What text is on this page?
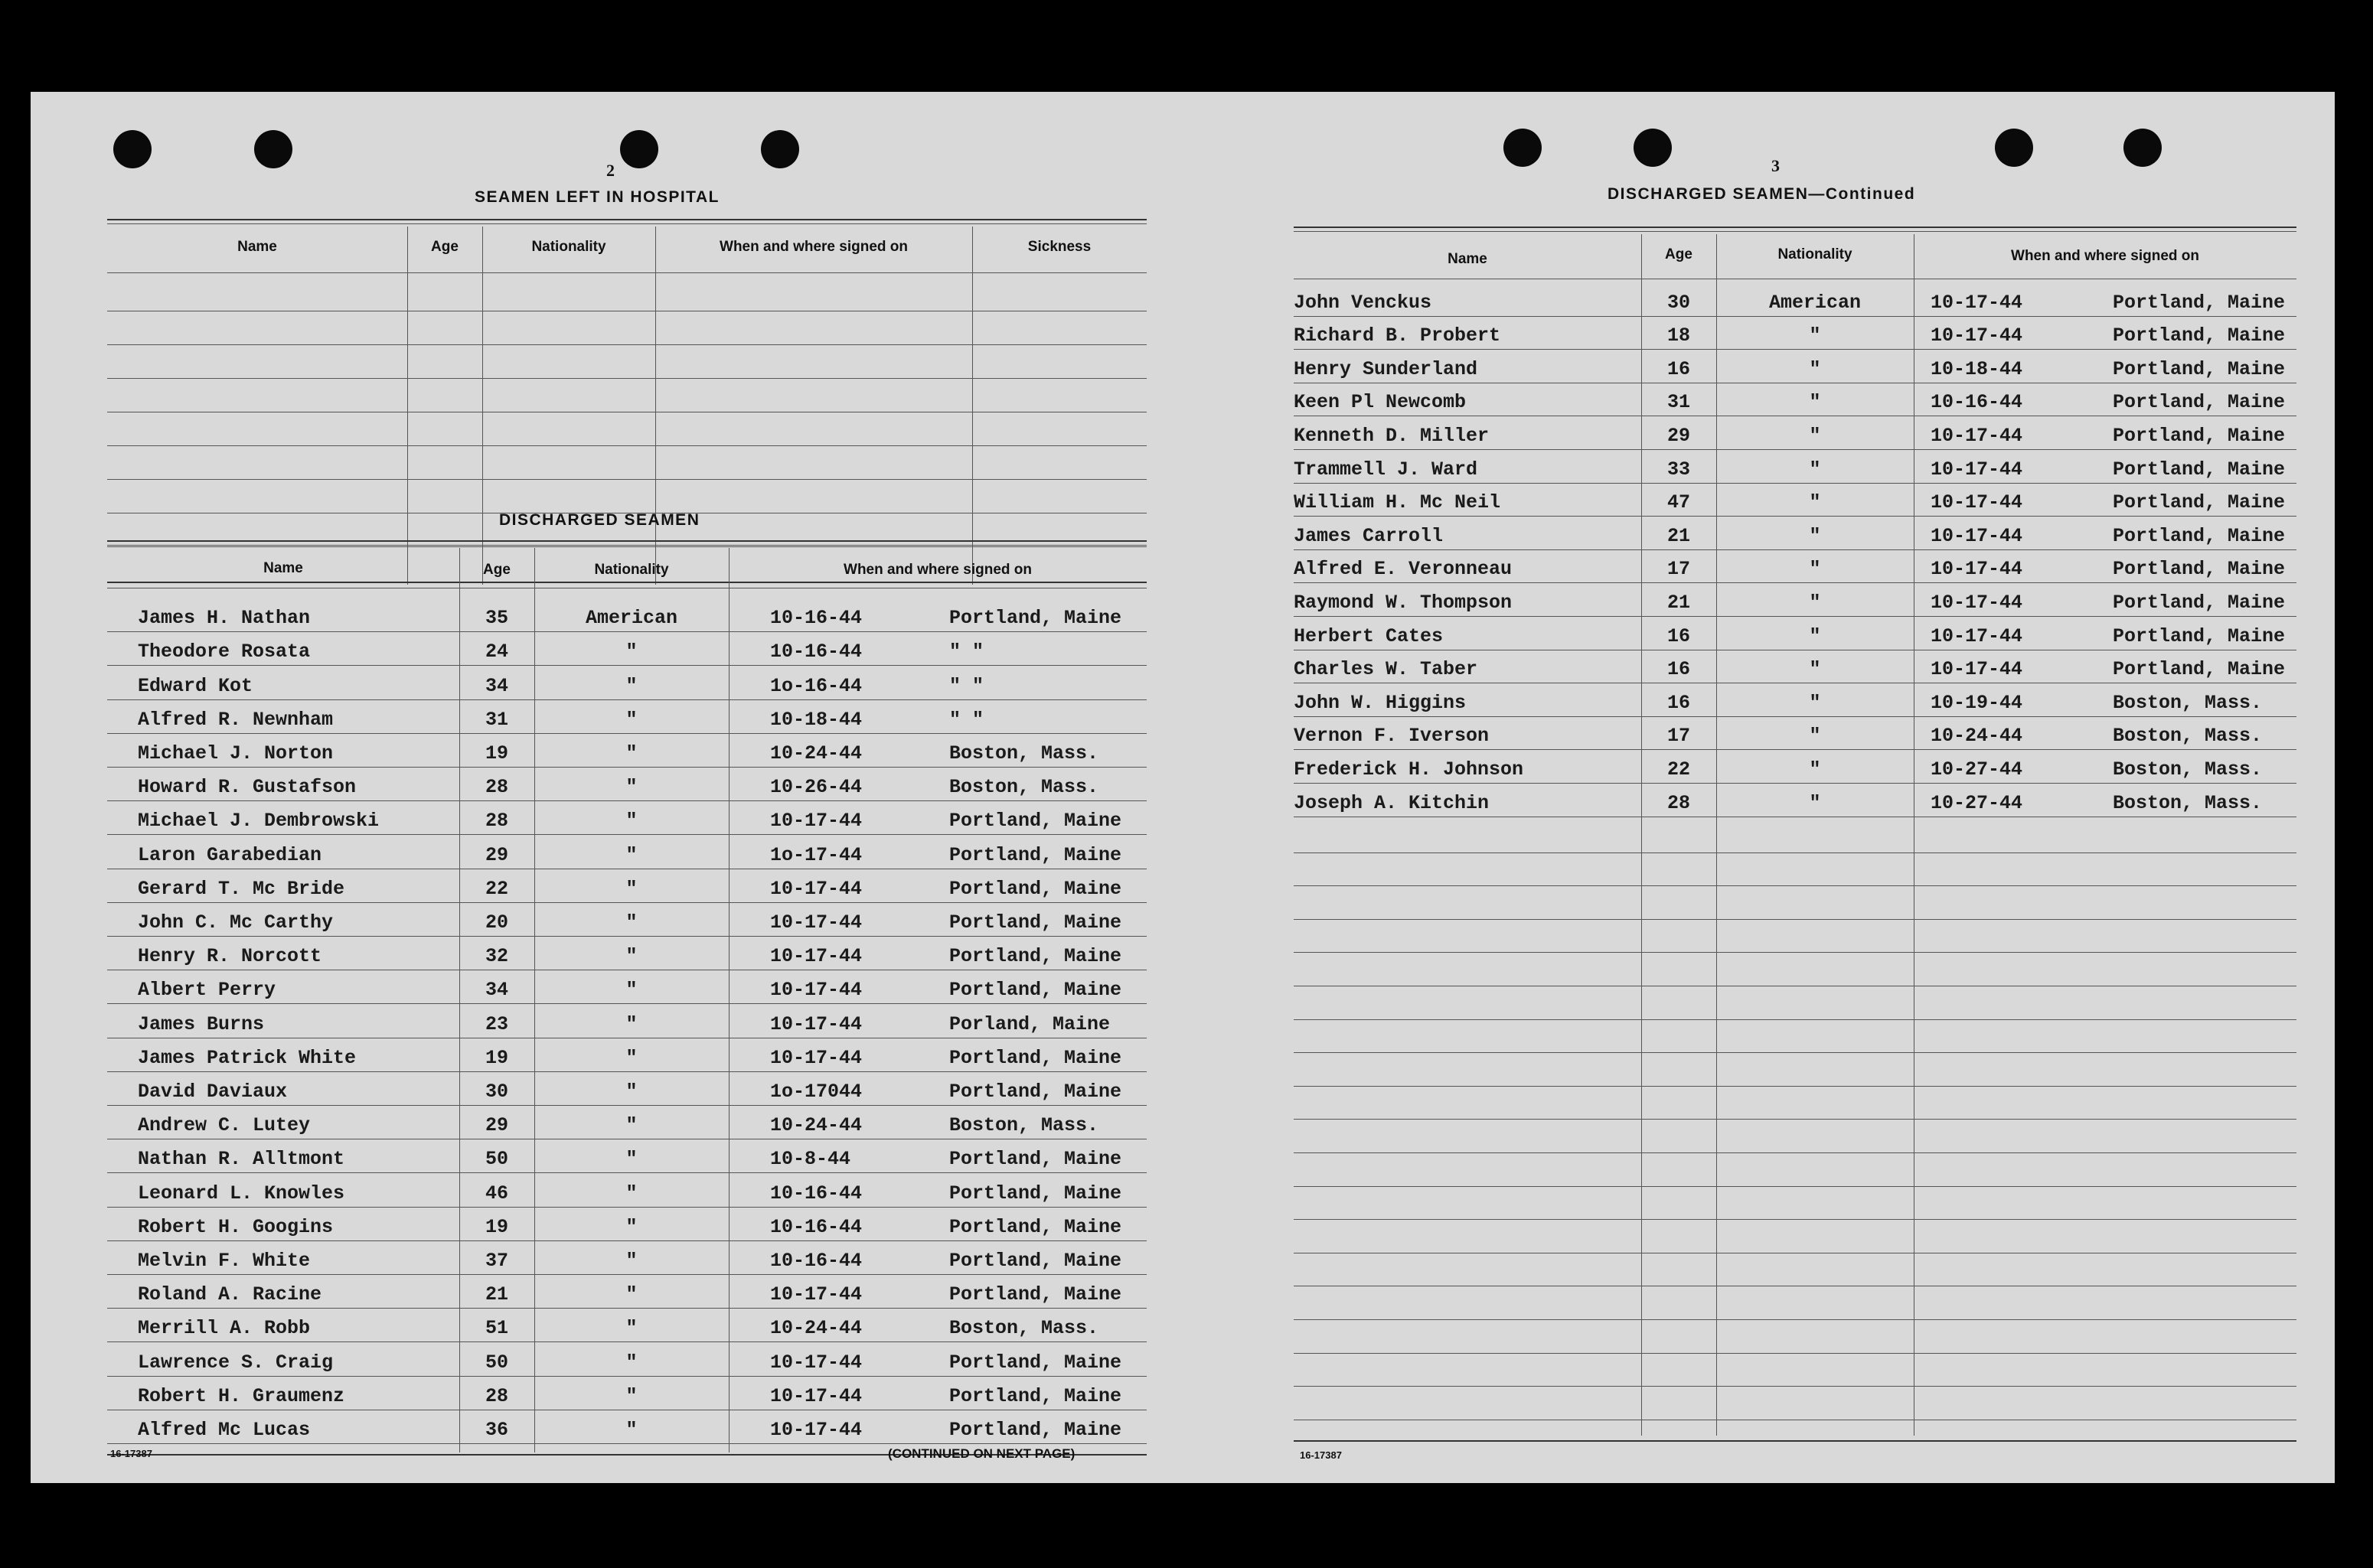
2
SEAMEN LEFT IN HOSPITAL
Name	Age	Nationality	When and where signed on	Sickness
DISCHARGED SEAMEN
Name	Age	Nationality	When and where signed on
James H. Nathan	35	American	10-16-44	Portland, Maine
Theodore Rosata	24	"	10-16-44	" "
Edward Kot	34	"	1o-16-44	" "
Alfred R. Newnham	31	"	10-18-44	" "
Michael J. Norton	19	"	10-24-44	Boston, Mass.
Howard R. Gustafson	28	"	10-26-44	Boston, Mass.
Michael J. Dembrowski	28	"	10-17-44	Portland, Maine
Laron Garabedian	29	"	1o-17-44	Portland, Maine
Gerard T. Mc Bride	22	"	10-17-44	Portland, Maine
John C. Mc Carthy	20	"	10-17-44	Portland, Maine
Henry R. Norcott	32	"	10-17-44	Portland, Maine
Albert Perry	34	"	10-17-44	Portland, Maine
James Burns	23	"	10-17-44	Porland, Maine
James Patrick White	19	"	10-17-44	Portland, Maine
David Daviaux	30	"	1o-17044	Portland, Maine
Andrew C. Lutey	29	"	10-24-44	Boston, Mass.
Nathan R. Alltmont	50	"	10-8-44	Portland, Maine
Leonard L. Knowles	46	"	10-16-44	Portland, Maine
Robert H. Googins	19	"	10-16-44	Portland, Maine
Melvin F. White	37	"	10-16-44	Portland, Maine
Roland A. Racine	21	"	10-17-44	Portland, Maine
Merrill A. Robb	51	"	10-24-44	Boston, Mass.
Lawrence S. Craig	50	"	10-17-44	Portland, Maine
Robert H. Graumenz	28	"	10-17-44	Portland, Maine
Alfred Mc Lucas	36	"	10-17-44	Portland, Maine
16-17387	(CONTINUED ON NEXT PAGE)
3
DISCHARGED SEAMEN—Continued
Name	Age	Nationality	When and where signed on
John Venckus	30	American	10-17-44	Portland, Maine
Richard B. Probert	18	"	10-17-44	Portland, Maine
Henry Sunderland	16	"	10-18-44	Portland, Maine
Keen Pl Newcomb	31	"	10-16-44	Portland, Maine
Kenneth D. Miller	29	"	10-17-44	Portland, Maine
Trammell J. Ward	33	"	10-17-44	Portland, Maine
William H. Mc Neil	47	"	10-17-44	Portland, Maine
James Carroll	21	"	10-17-44	Portland, Maine
Alfred E. Veronneau	17	"	10-17-44	Portland, Maine
Raymond W. Thompson	21	"	10-17-44	Portland, Maine
Herbert Cates	16	"	10-17-44	Portland, Maine
Charles W. Taber	16	"	10-17-44	Portland, Maine
John W. Higgins	16	"	10-19-44	Boston, Mass.
Vernon F. Iverson	17	"	10-24-44	Boston, Mass.
Frederick H. Johnson	22	"	10-27-44	Boston, Mass.
Joseph A. Kitchin	28	"	10-27-44	Boston, Mass.
16-17387
